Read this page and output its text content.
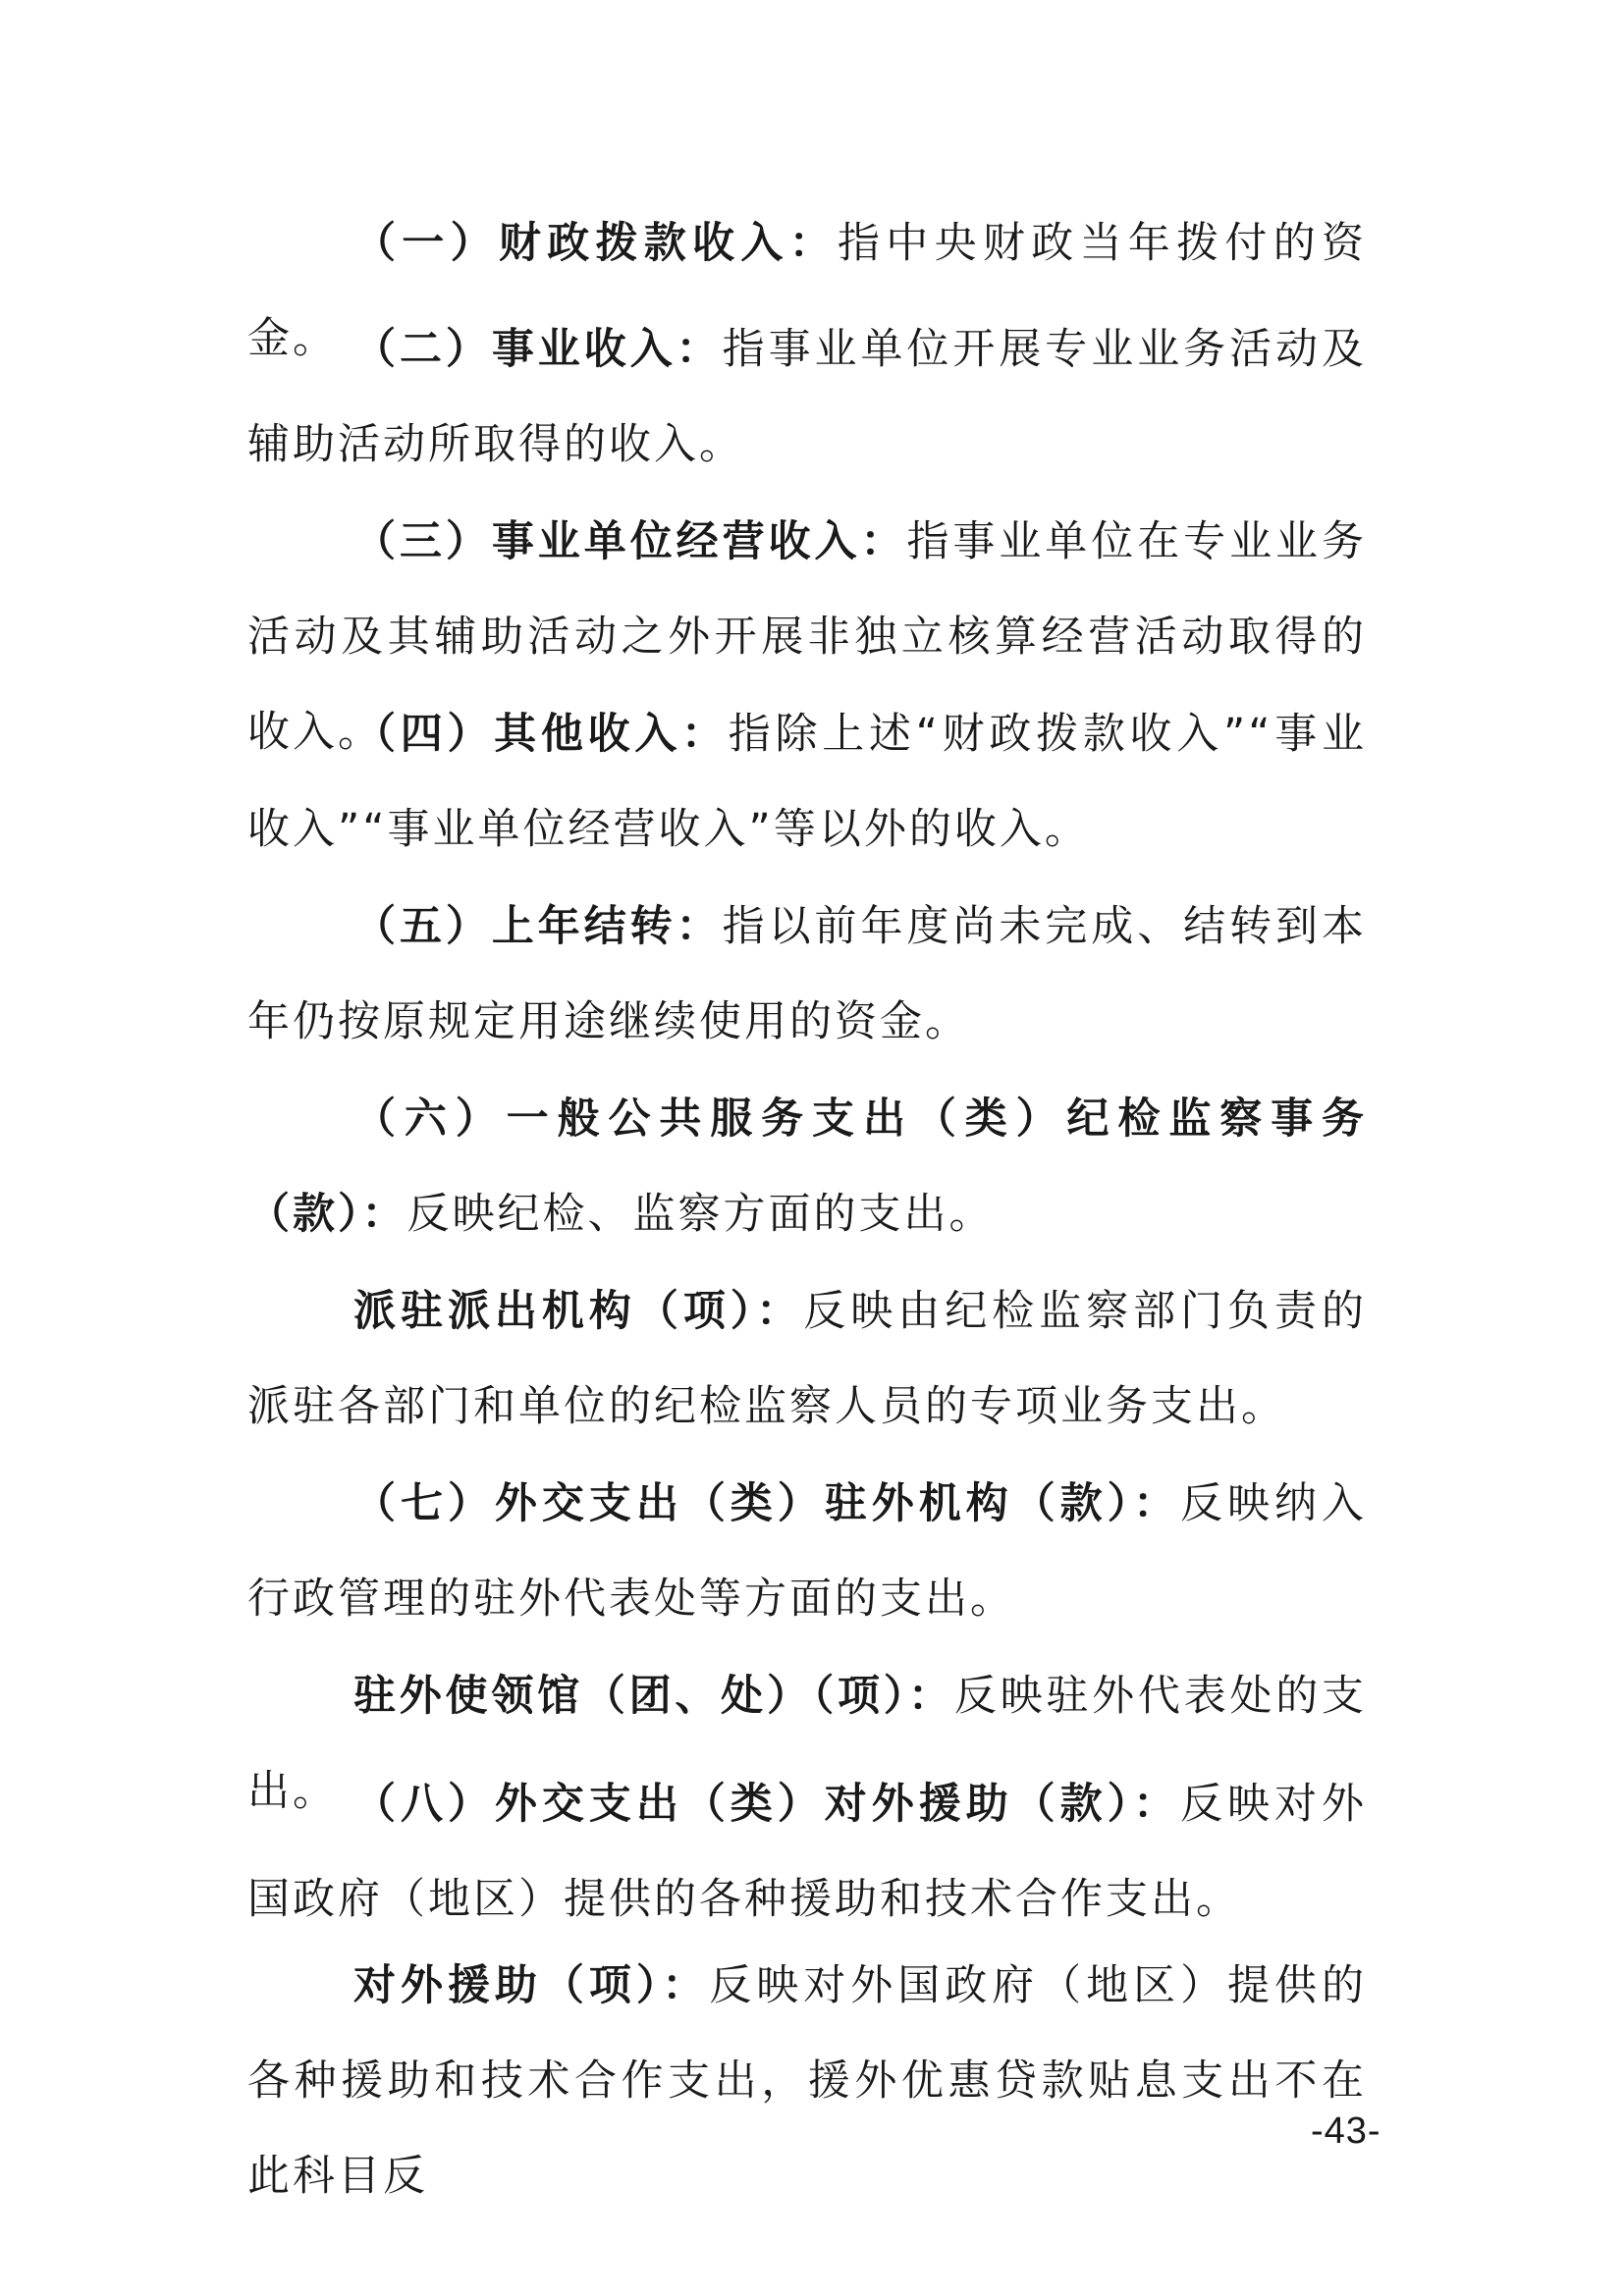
（一）财政拨款收入：指中央财政当年拨付的资金。 （二）事业收入：指事业单位开展专业业务活动及辅助活动所取得的收入。

（三）事业单位经营收入：指事业单位在专业业务活动及其辅助活动之外开展非独立核算经营活动取得的收入。

（四）其他收入：指除上述“财政拨款收入”“事业收入”“事业单位经营收入”等以外的收入。

（五）上年结转：指以前年度尚未完成、结转到本年仍按原规定用途继续使用的资金。

（六）一般公共服务支出（类）纪检监察事务（款）：反映纪检、监察方面的支出。

派驻派出机构（项）：反映由纪检监察部门负责的派驻各部门和单位的纪检监察人员的专项业务支出。

（七）外交支出（类）驻外机构（款）：反映纳入行政管理的驻外代表处等方面的支出。

驻外使领馆（团、处）（项）：反映驻外代表处的支出。 （八）外交支出（类）对外援助（款）：反映对外国政府（地区）提供的各种援助和技术合作支出。

对外援助（项）：反映对外国政府（地区）提供的各种援助和技术合作支出，援外优惠贷款贴息支出不在此科目反

-43-
